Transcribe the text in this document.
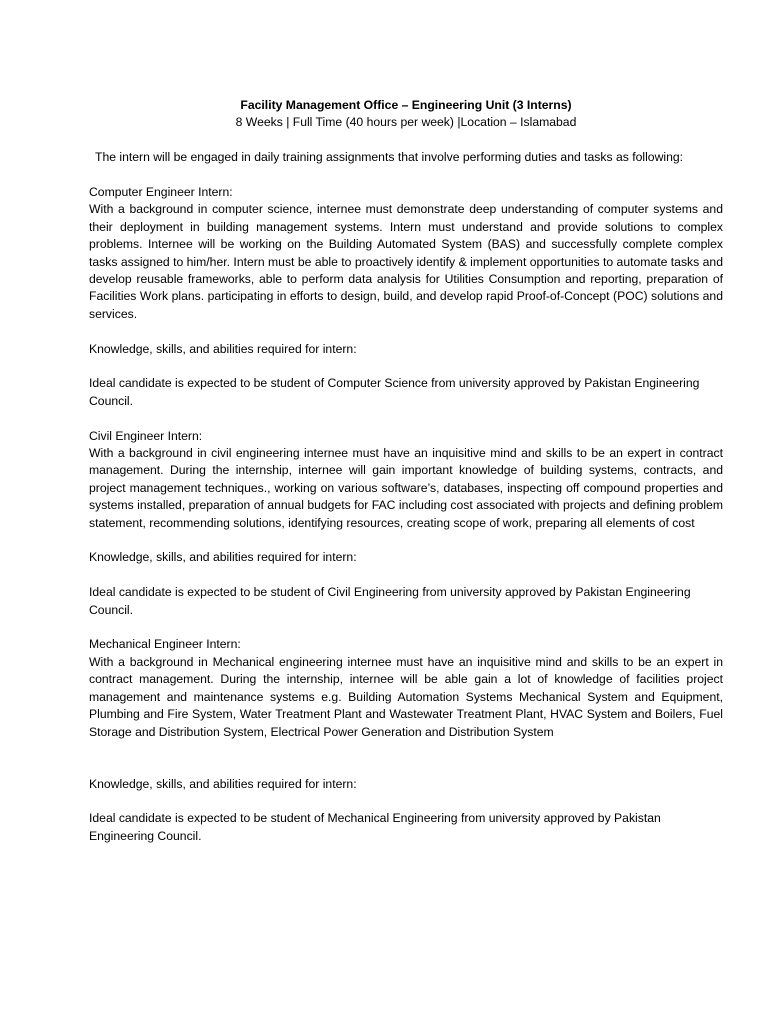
Facility Management Office – Engineering Unit (3 Interns)

8 Weeks | Full Time (40 hours per week) |Location – Islamabad

The intern will be engaged in daily training assignments that involve performing duties and tasks as following:

Computer Engineer Intern:

With a background in computer science, internee must demonstrate deep understanding of computer systems and their deployment in building management systems. Intern must understand and provide solutions to complex problems. Internee will be working on the Building Automated System (BAS) and successfully complete complex tasks assigned to him/her. Intern must be able to proactively identify & implement opportunities to automate tasks and develop reusable frameworks, able to perform data analysis for Utilities Consumption and reporting, preparation of Facilities Work plans. participating in efforts to design, build, and develop rapid Proof-of-Concept (POC) solutions and services.

Knowledge, skills, and abilities required for intern:

Ideal candidate is expected to be student of Computer Science from university approved by Pakistan Engineering Council.

Civil Engineer Intern:

With a background in civil engineering internee must have an inquisitive mind and skills to be an expert in contract management. During the internship, internee will gain important knowledge of building systems, contracts, and project management techniques., working on various software’s, databases, inspecting off compound properties and systems installed, preparation of annual budgets for FAC including cost associated with projects and defining problem statement, recommending solutions, identifying resources, creating scope of work, preparing all elements of cost

Knowledge, skills, and abilities required for intern:

Ideal candidate is expected to be student of Civil Engineering from university approved by Pakistan Engineering Council.

Mechanical Engineer Intern:

With a background in Mechanical engineering internee must have an inquisitive mind and skills to be an expert in contract management. During the internship, internee will be able gain a lot of knowledge of facilities project management and maintenance systems e.g. Building Automation Systems Mechanical System and Equipment, Plumbing and Fire System, Water Treatment Plant and Wastewater Treatment Plant, HVAC System and Boilers, Fuel Storage and Distribution System, Electrical Power Generation and Distribution System

Knowledge, skills, and abilities required for intern:

Ideal candidate is expected to be student of Mechanical Engineering from university approved by Pakistan Engineering Council.
